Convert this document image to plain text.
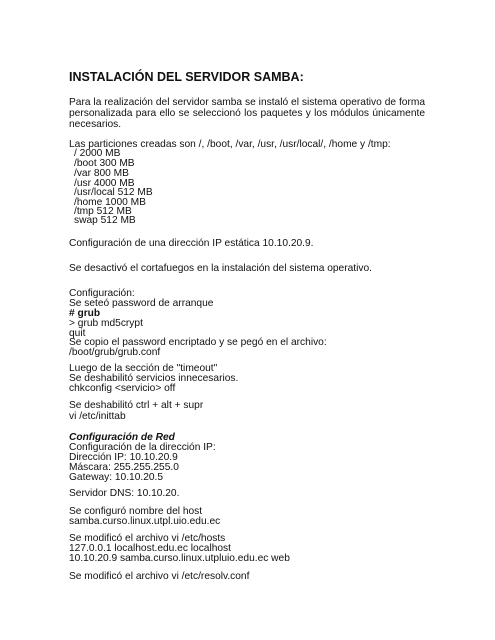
INSTALACIÓN DEL SERVIDOR SAMBA:
Para la realización del servidor samba se instaló el sistema operativo de forma
personalizada para ello se seleccionó los paquetes y los módulos únicamente
necesarios.
Las particiones creadas son /, /boot, /var, /usr, /usr/local/, /home y /tmp:
/ 2000 MB
/boot 300 MB
/var 800 MB
/usr 4000 MB
/usr/local 512 MB
/home 1000 MB
/tmp 512 MB
swap 512 MB
Configuración de una dirección IP estática 10.10.20.9.
Se desactivó el cortafuegos en la instalación del sistema operativo.
Configuración:
Se seteó password de arranque
# grub
> grub md5crypt
quit
Se copio el password encriptado y se pegó en el archivo:
/boot/grub/grub.conf
Luego de la sección de "timeout"
Se deshabilitó servicios innecesarios.
chkconfig <servicio> off
Se deshabilitó ctrl + alt + supr
vi /etc/inittab
Configuración de Red
Configuración de la dirección IP:
Dirección IP: 10.10.20.9
Máscara: 255.255.255.0
Gateway: 10.10.20.5
Servidor DNS: 10.10.20.
Se configuró nombre del host
samba.curso.linux.utpl.uio.edu.ec
Se modificó el archivo vi /etc/hosts
127.0.0.1 localhost.edu.ec localhost
10.10.20.9 samba.curso.linux.utpluio.edu.ec web
Se modificó el archivo vi /etc/resolv.conf
